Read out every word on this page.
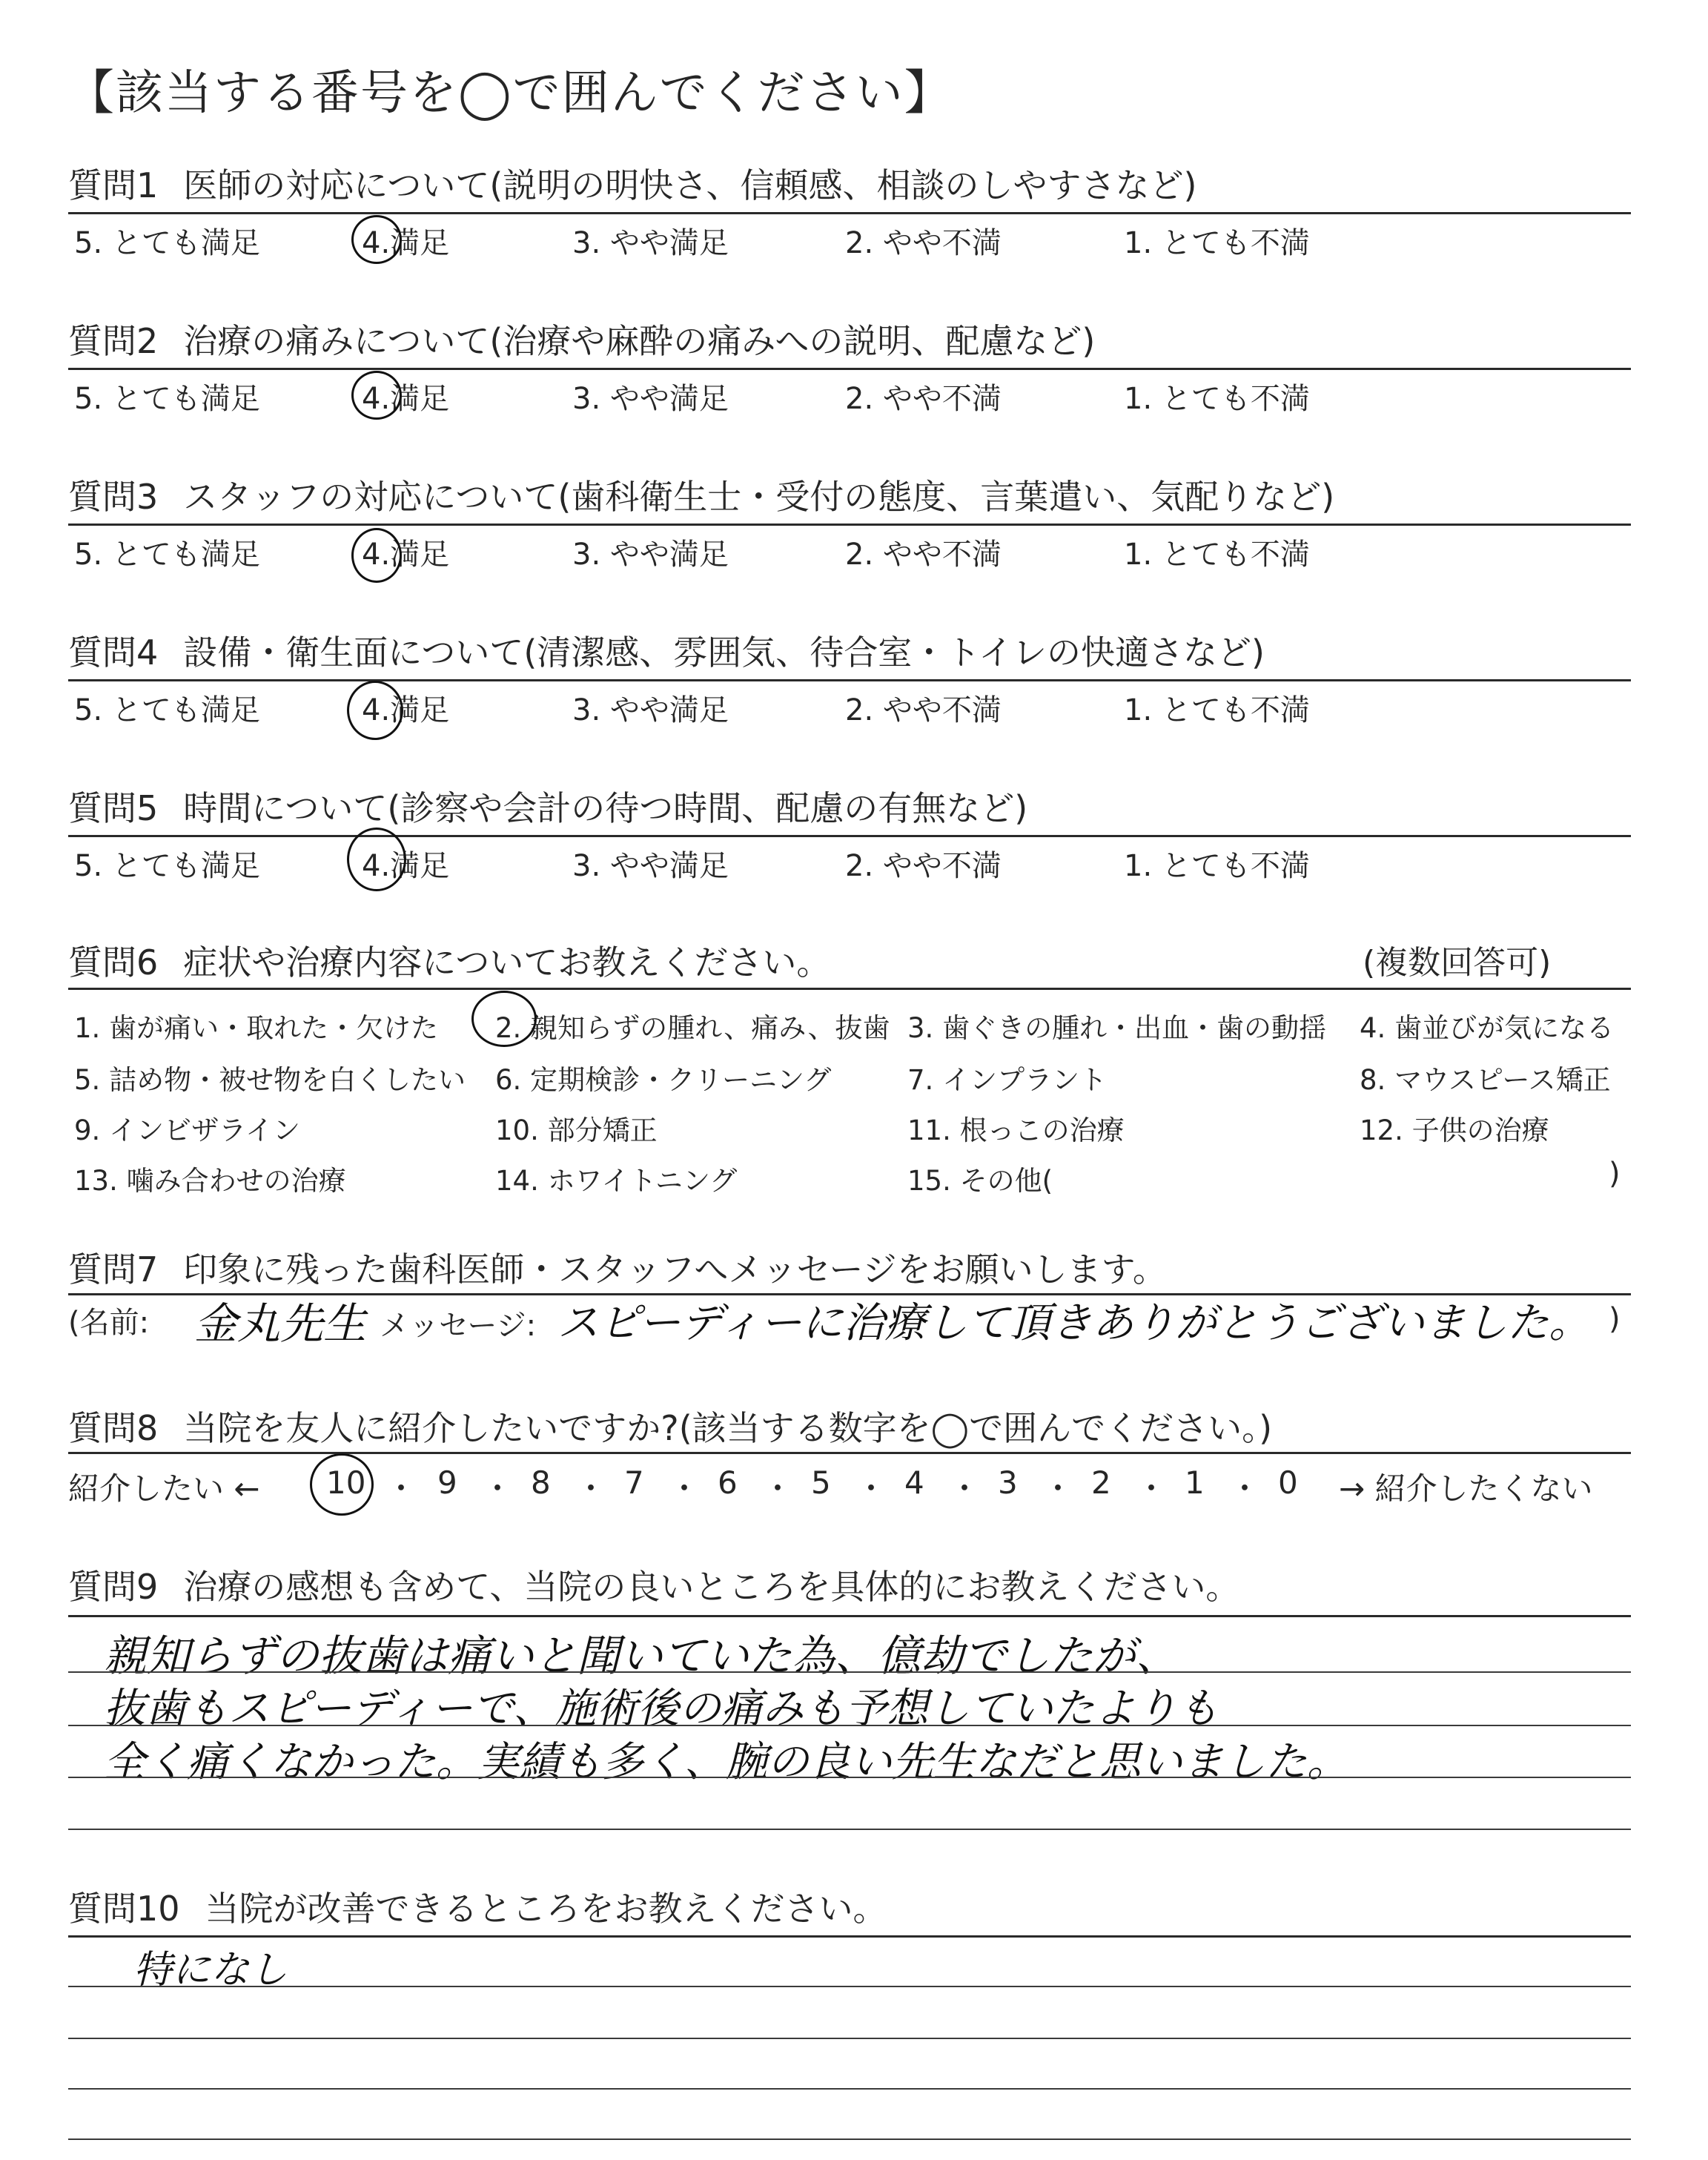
【該当する番号を◯で囲んでください】
質問1 医師の対応について(説明の明快さ、信頼感、相談のしやすさなど)
5. とても満足	4.満足	3. やや満足	2. やや不満	1. とても不満
質問2 治療の痛みについて(治療や麻酔の痛みへの説明、配慮など)
5. とても満足	4.満足	3. やや満足	2. やや不満	1. とても不満
質問3 スタッフの対応について(歯科衛生士・受付の態度、言葉遣い、気配りなど)
5. とても満足	4.満足	3. やや満足	2. やや不満	1. とても不満
質問4 設備・衛生面について(清潔感、雰囲気、待合室・トイレの快適さなど)
5. とても満足	4.満足	3. やや満足	2. やや不満	1. とても不満
質問5 時間について(診察や会計の待つ時間、配慮の有無など)
5. とても満足	4.満足	3. やや満足	2. やや不満	1. とても不満
質問6 症状や治療内容についてお教えください。	(複数回答可)
1. 歯が痛い・取れた・欠けた 2. 親知らずの腫れ、痛み、抜歯 3. 歯ぐきの腫れ・出血・歯の動揺 4. 歯並びが気になる
5. 詰め物・被せ物を白くしたい 6. 定期検診・クリーニング	7. インプラント	8. マウスピース矯正
9. インビザライン	10. 部分矯正	11. 根っこの治療	12. 子供の治療
13. 噛み合わせの治療	14. ホワイトニング	15. その他(	)
質問7 印象に残った歯科医師・スタッフへメッセージをお願いします。
(名前: 金丸先生 メッセージ: スピーディーに治療して頂きありがとうございました。 )
質問8 当院を友人に紹介したいですか?(該当する数字を◯で囲んでください。)
紹介したい ← 10 ・ 9 ・ 8 ・ 7 ・ 6 ・ 5 ・ 4 ・ 3 ・ 2 ・ 1 ・ 0 → 紹介したくない
質問9 治療の感想も含めて、当院の良いところを具体的にお教えください。
親知らずの抜歯は痛いと聞いていた為、億劫でしたが、
抜歯もスピーディーで、施術後の痛みも予想していたよりも
全く痛くなかった。実績も多く、腕の良い先生なだと思いました。
質問10 当院が改善できるところをお教えください。
特になし
